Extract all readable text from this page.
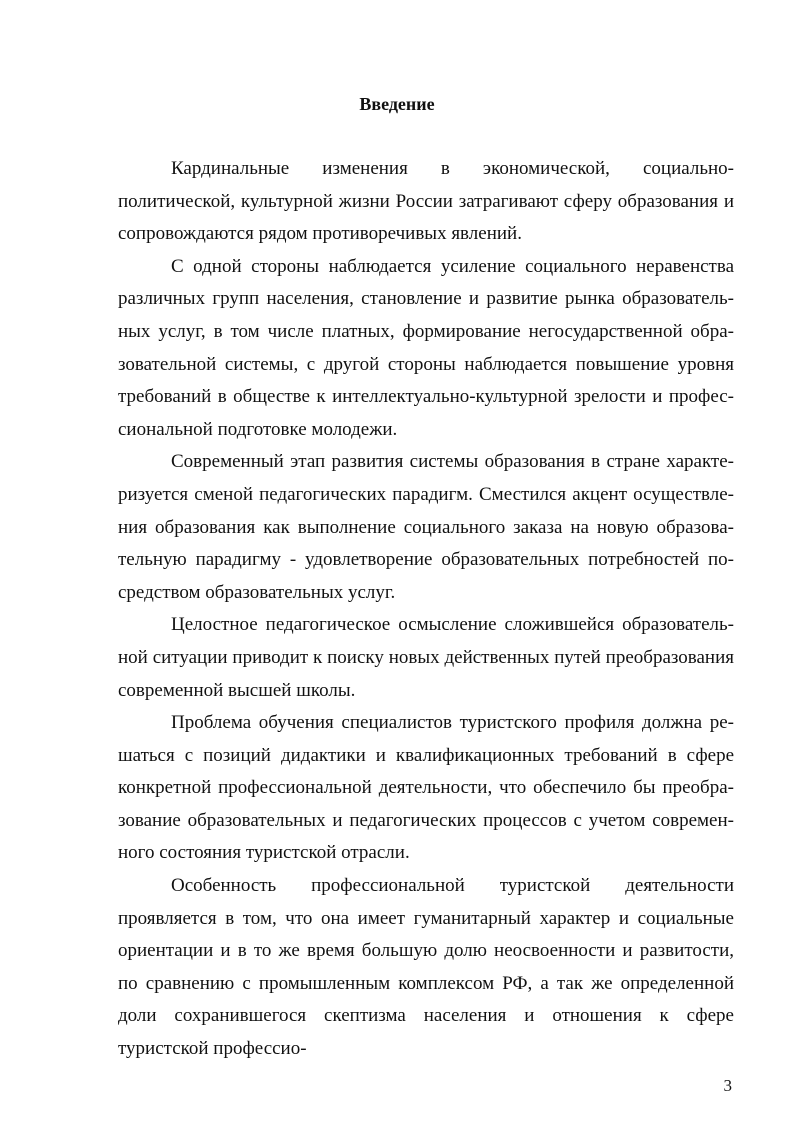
Введение

Кардинальные изменения в экономической, социально-политической, культурной жизни России затрагивают сферу образования и сопровождаются рядом противоречивых явлений.

С одной стороны наблюдается усиление социального неравенства различных групп населения, становление и развитие рынка образовательных услуг, в том числе платных, формирование негосударственной образовательной системы, с другой стороны наблюдается повышение уровня требований в обществе к интеллектуально-культурной зрелости и профессиональной подготовке молодежи.

Современный этап развития системы образования в стране характеризуется сменой педагогических парадигм. Сместился акцент осуществления образования как выполнение социального заказа на новую образовательную парадигму - удовлетворение образовательных потребностей посредством образовательных услуг.

Целостное педагогическое осмысление сложившейся образовательной ситуации приводит к поиску новых действенных путей преобразования современной высшей школы.

Проблема обучения специалистов туристского профиля должна решаться с позиций дидактики и квалификационных требований в сфере конкретной профессиональной деятельности, что обеспечило бы преобразование образовательных и педагогических процессов с учетом современного состояния туристской отрасли.

Особенность профессиональной туристской деятельности проявляется в том, что она имеет гуманитарный характер и социальные ориентации и в то же время большую долю неосвоенности и развитости, по сравнению с промышленным комплексом РФ, а так же определенной доли сохранившегося скептизма населения и отношения к сфере туристской профессио-

3
